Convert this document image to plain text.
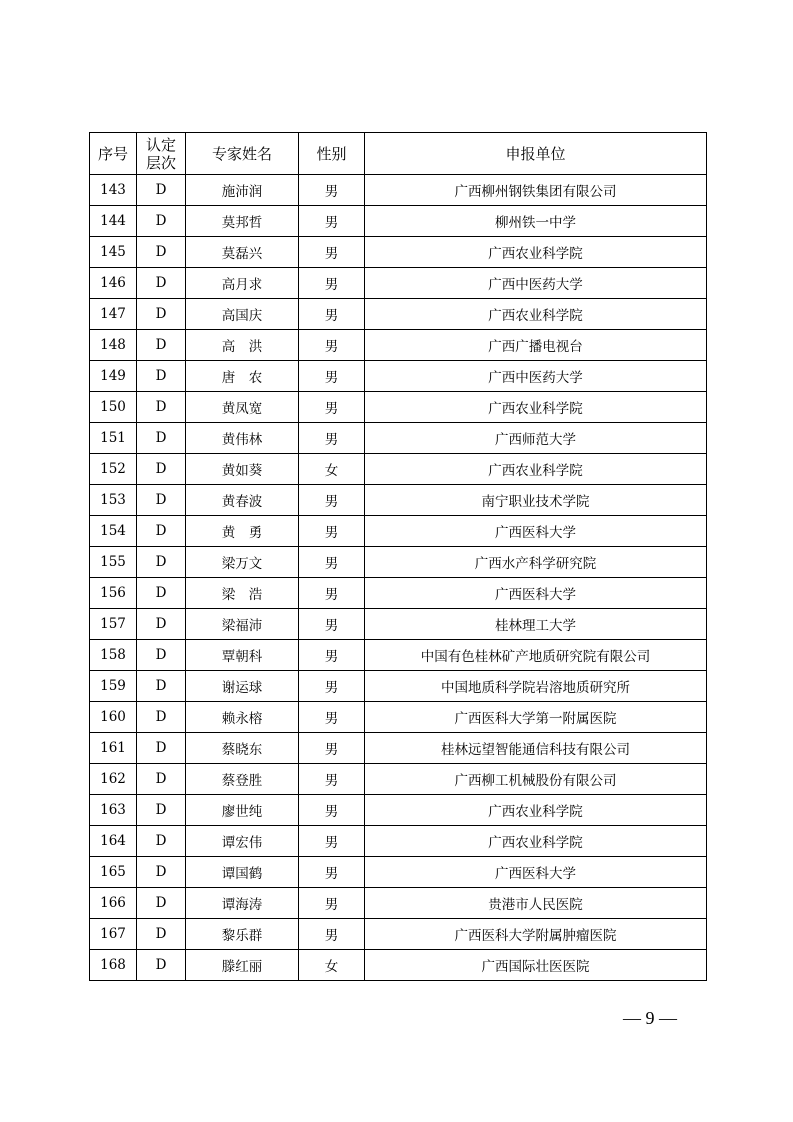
序号	认定层次	专家姓名	性别	申报单位
143	D	施沛润	男	广西柳州钢铁集团有限公司
144	D	莫邦哲	男	柳州铁一中学
145	D	莫磊兴	男	广西农业科学院
146	D	高月求	男	广西中医药大学
147	D	高国庆	男	广西农业科学院
148	D	高　洪	男	广西广播电视台
149	D	唐　农	男	广西中医药大学
150	D	黄凤宽	男	广西农业科学院
151	D	黄伟林	男	广西师范大学
152	D	黄如葵	女	广西农业科学院
153	D	黄春波	男	南宁职业技术学院
154	D	黄　勇	男	广西医科大学
155	D	梁万文	男	广西水产科学研究院
156	D	梁　浩	男	广西医科大学
157	D	梁福沛	男	桂林理工大学
158	D	覃朝科	男	中国有色桂林矿产地质研究院有限公司
159	D	谢运球	男	中国地质科学院岩溶地质研究所
160	D	赖永榕	男	广西医科大学第一附属医院
161	D	蔡晓东	男	桂林远望智能通信科技有限公司
162	D	蔡登胜	男	广西柳工机械股份有限公司
163	D	廖世纯	男	广西农业科学院
164	D	谭宏伟	男	广西农业科学院
165	D	谭国鹤	男	广西医科大学
166	D	谭海涛	男	贵港市人民医院
167	D	黎乐群	男	广西医科大学附属肿瘤医院
168	D	滕红丽	女	广西国际壮医医院
— 9 —
